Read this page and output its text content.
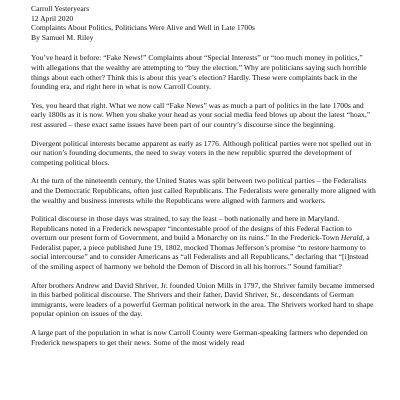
Carroll Yesteryears

12 April 2020

Complaints About Politics, Politicians Were Alive and Well in Late 1700s

By Samuel M. Riley

You’ve heard it before: “Fake News!” Complaints about “Special Interests” or “too much money in politics,” with allegations that the wealthy are attempting to “buy the election.” Why are politicians saying such horrible things about each other? Think this is about this year’s election? Hardly. These were complaints back in the founding era, and right here in what is now Carroll County.

Yes, you heard that right. What we now call “Fake News” was as much a part of politics in the late 1700s and early 1800s as it is now. When you shake your head as your social media feed blows up about the latest “hoax,” rest assured – these exact same issues have been part of our country’s discourse since the beginning.

Divergent political interests became apparent as early as 1776. Although political parties were not spelled out in our nation’s founding documents, the need to sway voters in the new republic spurred the development of competing political blocs.

At the turn of the nineteenth century, the United States was split between two political parties – the Federalists and the Democratic Republicans, often just called Republicans. The Federalists were generally more aligned with the wealthy and business interests while the Republicans were aligned with farmers and workers.

Political discourse in those days was strained, to say the least – both nationally and here in Maryland. Republicans noted in a Frederick newspaper “incontestable proof of the designs of this Federal Faction to overturn our present form of Government, and build a Monarchy on its ruins.” In the Frederick-Town Herald, a Federalist paper, a piece published June 19, 1802, mocked Thomas Jefferson’s promise “to restore harmony to social intercourse” and to consider Americans as “all Federalists and all Republicans,” declaring that “[i]nstead of the smiling aspect of harmony we behold the Demon of Discord in all his horrors.” Sound familiar?

After brothers Andrew and David Shriver, Jr. founded Union Mills in 1797, the Shriver family became immersed in this barbed political discourse. The Shrivers and their father, David Shriver, Sr., descendants of German immigrants, were leaders of a powerful German political network in the area. The Shrivers worked hard to shape popular opinion on issues of the day.

A large part of the population in what is now Carroll County were German-speaking farmers who depended on Frederick newspapers to get their news. Some of the most widely read
